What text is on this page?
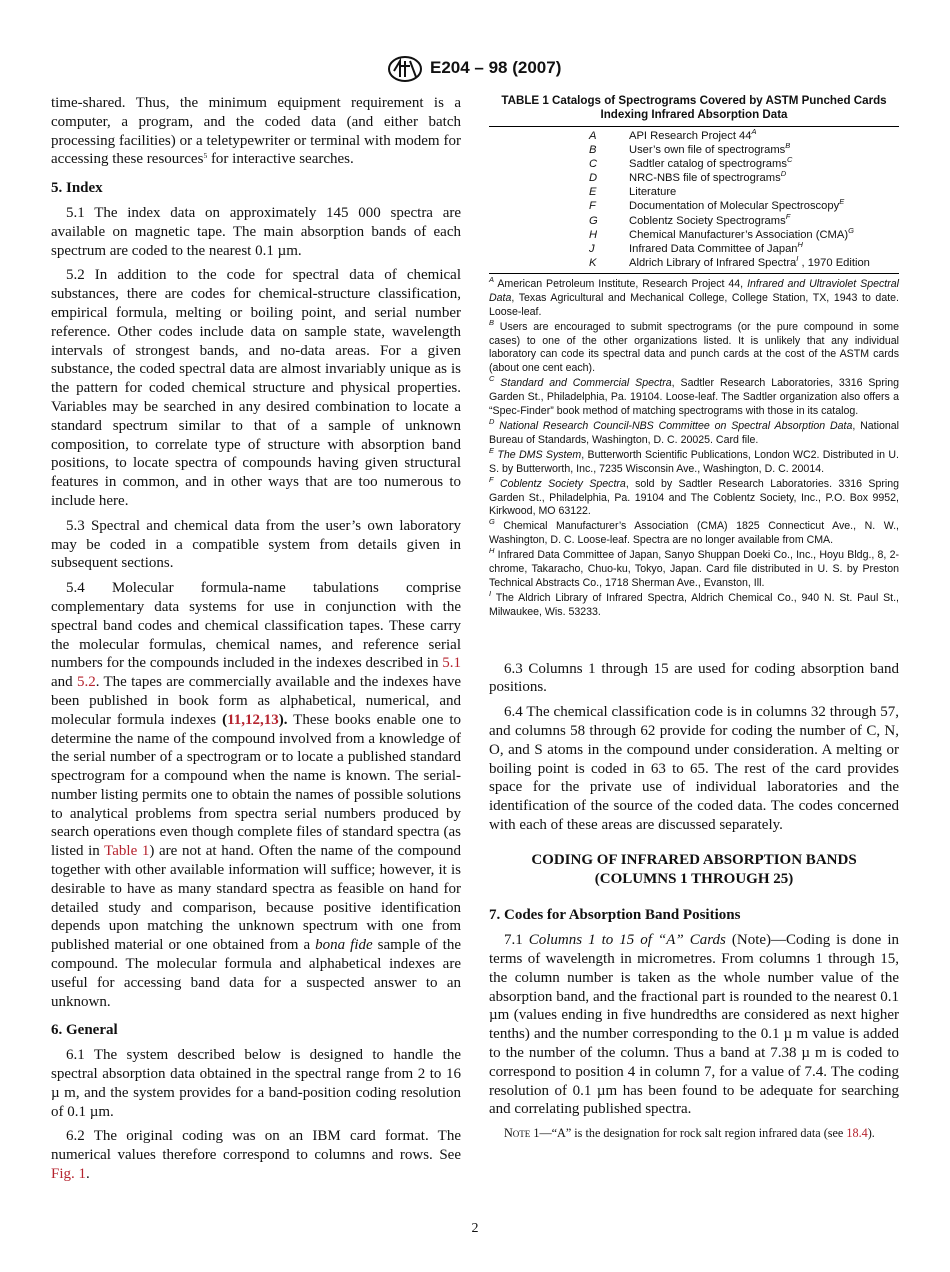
E204 – 98 (2007)

time-shared. Thus, the minimum equipment requirement is a computer, a program, and the coded data (and either batch processing facilities) or a teletypewriter or terminal with modem for accessing these resources$^5$ for interactive searches.

5. Index

5.1 The index data on approximately 145 000 spectra are available on magnetic tape. The main absorption bands of each spectrum are coded to the nearest 0.1 µm.

5.2 In addition to the code for spectral data of chemical substances, there are codes for chemical-structure classification, empirical formula, melting or boiling point, and serial number reference. Other codes include data on sample state, wavelength intervals of strongest bands, and no-data areas. For a given substance, the coded spectral data are almost invariably unique as is the pattern for coded chemical structure and physical properties. Variables may be searched in any desired combination to locate a standard spectrum similar to that of a sample of unknown composition, to correlate type of structure with absorption band positions, to locate spectra of compounds having given structural features in common, and in other ways that are too numerous to include here.

5.3 Spectral and chemical data from the user’s own laboratory may be coded in a compatible system from details given in subsequent sections.

5.4 Molecular formula-name tabulations comprise complementary data systems for use in conjunction with the spectral band codes and chemical classification tapes. These carry the molecular formulas, chemical names, and reference serial numbers for the compounds included in the indexes described in 5.1 and 5.2. The tapes are commercially available and the indexes have been published in book form as alphabetical, numerical, and molecular formula indexes (11,12,13). These books enable one to determine the name of the compound involved from a knowledge of the serial number of a spectrogram or to locate a published standard spectrogram for a compound when the name is known. The serial-number listing permits one to obtain the names of possible solutions to analytical problems from spectra serial numbers produced by search operations even though complete files of standard spectra (as listed in Table 1) are not at hand. Often the name of the compound together with other available information will suffice; however, it is desirable to have as many standard spectra as feasible on hand for detailed study and comparison, because positive identification depends upon matching the unknown spectrum with one from published material or one obtained from a bona fide sample of the compound. The molecular formula and alphabetical indexes are useful for accessing band data for a suspected answer to an unknown.

6. General

6.1 The system described below is designed to handle the spectral absorption data obtained in the spectral range from 2 to 16 µ m, and the system provides for a band-position coding resolution of 0.1 µm.

6.2 The original coding was on an IBM card format. The numerical values therefore correspond to columns and rows. See Fig. 1.

TABLE 1 Catalogs of Spectrograms Covered by ASTM Punched Cards Indexing Infrared Absorption Data

A	API Research Project $44^A$
B	User’s own file of spectrograms$^B$
C	Sadtler catalog of spectrograms$^C$
D	NRC-NBS file of spectrograms$^D$
E	Literature
F	Documentation of Molecular Spectroscopy$^E$
G	Coblentz Society Spectrograms$^F$
H	Chemical Manufacturer’s Association (CMA)$^G$
J	Infrared Data Committee of Japan$^H$
K	Aldrich Library of Infrared Spectra$^I$ , 1970 Edition

$^A$ American Petroleum Institute, Research Project 44, Infrared and Ultraviolet Spectral Data, Texas Agricultural and Mechanical College, College Station, TX, 1943 to date. Loose-leaf.

$^B$ Users are encouraged to submit spectrograms (or the pure compound in some cases) to one of the other organizations listed. It is unlikely that any individual laboratory can code its spectral data and punch cards at the cost of the ASTM cards (about one cent each).

$^C$ Standard and Commercial Spectra, Sadtler Research Laboratories, 3316 Spring Garden St., Philadelphia, Pa. 19104. Loose-leaf. The Sadtler organization also offers a “Spec-Finder” book method of matching spectrograms with those in its catalog.

$^D$ National Research Council-NBS Committee on Spectral Absorption Data, National Bureau of Standards, Washington, D. C. 20025. Card file.

$^E$ The DMS System, Butterworth Scientific Publications, London WC2. Distributed in U. S. by Butterworth, Inc., 7235 Wisconsin Ave., Washington, D. C. 20014.

$^F$ Coblentz Society Spectra, sold by Sadtler Research Laboratories. 3316 Spring Garden St., Philadelphia, Pa. 19104 and The Coblentz Society, Inc., P.O. Box 9952, Kirkwood, MO 63122.

$^G$ Chemical Manufacturer’s Association (CMA) 1825 Connecticut Ave., N. W., Washington, D. C. Loose-leaf. Spectra are no longer available from CMA.

$^H$ Infrared Data Committee of Japan, Sanyo Shuppan Doeki Co., Inc., Hoyu Bldg., 8, 2-chrome, Takaracho, Chuo-ku, Tokyo, Japan. Card file distributed in U. S. by Preston Technical Abstracts Co., 1718 Sherman Ave., Evanston, Ill.

$^I$ The Aldrich Library of Infrared Spectra, Aldrich Chemical Co., 940 N. St. Paul St., Milwaukee, Wis. 53233.

6.3 Columns 1 through 15 are used for coding absorption band positions.

6.4 The chemical classification code is in columns 32 through 57, and columns 58 through 62 provide for coding the number of C, N, O, and S atoms in the compound under consideration. A melting or boiling point is coded in 63 to 65. The rest of the card provides space for the private use of individual laboratories and the identification of the source of the coded data. The codes concerned with each of these areas are discussed separately.

CODING OF INFRARED ABSORPTION BANDS
(COLUMNS 1 THROUGH 25)
7. Codes for Absorption Band Positions

7.1 Columns 1 to 15 of “A” Cards (Note)—Coding is done in terms of wavelength in micrometres. From columns 1 through 15, the column number is taken as the whole number value of the absorption band, and the fractional part is rounded to the nearest 0.1 µm (values ending in five hundredths are considered as next higher tenths) and the number corresponding to the 0.1 µ m value is added to the number of the column. Thus a band at 7.38 µ m is coded to correspond to position 4 in column 7, for a value of 7.4. The coding resolution of 0.1 µm has been found to be adequate for searching and correlating published spectra.

Note 1—“A” is the designation for rock salt region infrared data (see 18.4).

2
